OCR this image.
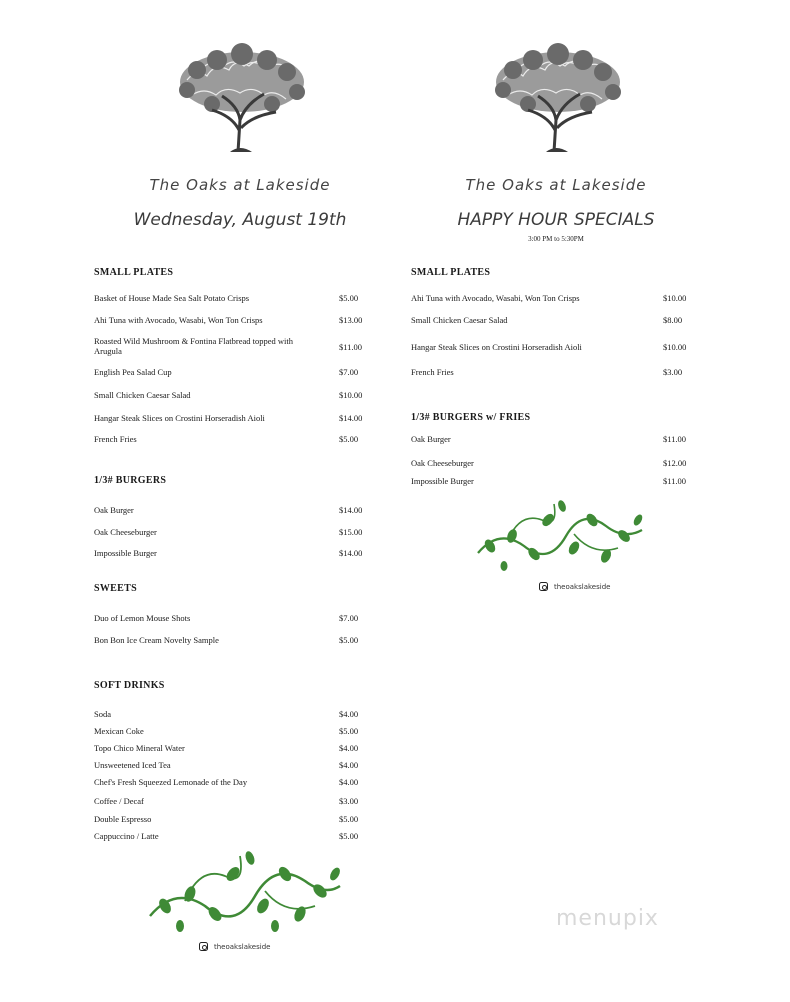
The Oaks at Lakeside
Wednesday, August 19th
The Oaks at Lakeside
HAPPY HOUR SPECIALS
3:00 PM to 5:30PM
SMALL PLATES
Basket of House Made Sea Salt Potato Crisps	$5.00
Ahi Tuna with Avocado, Wasabi, Won Ton Crisps	$13.00
Roasted Wild Mushroom & Fontina Flatbread topped with Arugula	$11.00
English Pea Salad Cup	$7.00
Small Chicken Caesar Salad	$10.00
Hangar Steak Slices on Crostini Horseradish Aioli	$14.00
French Fries	$5.00
1/3# BURGERS
Oak Burger	$14.00
Oak Cheeseburger	$15.00
Impossible Burger	$14.00
SWEETS
Duo of Lemon Mouse Shots	$7.00
Bon Bon Ice Cream Novelty Sample	$5.00
SOFT DRINKS
Soda	$4.00
Mexican Coke	$5.00
Topo Chico Mineral Water	$4.00
Unsweetened Iced Tea	$4.00
Chef's Fresh Squeezed Lemonade of the Day	$4.00
Coffee / Decaf	$3.00
Double Espresso	$5.00
Cappuccino / Latte	$5.00
theoakslakeside
SMALL PLATES
Ahi Tuna with Avocado, Wasabi, Won Ton Crisps	$10.00
Small Chicken Caesar Salad	$8.00
Hangar Steak Slices on Crostini Horseradish Aioli	$10.00
French Fries	$3.00
1/3# BURGERS w/ FRIES
Oak Burger	$11.00
Oak Cheeseburger	$12.00
Impossible Burger	$11.00
theoakslakeside
menupix
